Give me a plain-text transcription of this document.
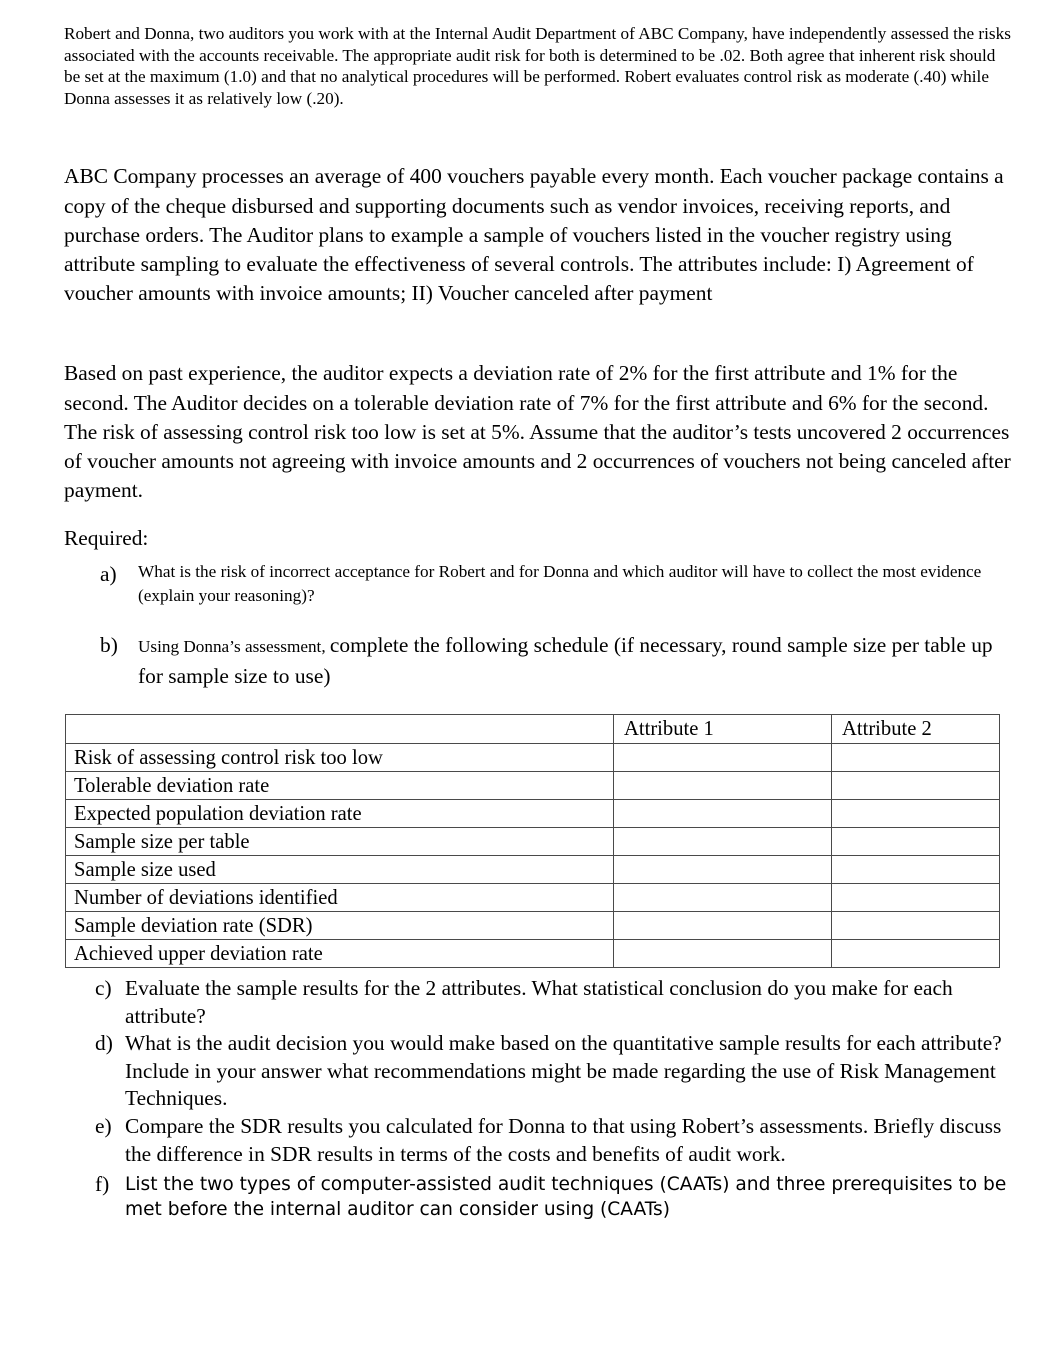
Robert and Donna, two auditors you work with at the Internal Audit Department of ABC Company, have independently assessed the risks associated with the accounts receivable. The appropriate audit risk for both is determined to be .02. Both agree that inherent risk should be set at the maximum (1.0) and that no analytical procedures will be performed. Robert evaluates control risk as moderate (.40) while Donna assesses it as relatively low (.20).

ABC Company processes an average of 400 vouchers payable every month. Each voucher package contains a copy of the cheque disbursed and supporting documents such as vendor invoices, receiving reports, and purchase orders. The Auditor plans to example a sample of vouchers listed in the voucher registry using attribute sampling to evaluate the effectiveness of several controls. The attributes include: I) Agreement of voucher amounts with invoice amounts; II) Voucher canceled after payment

Based on past experience, the auditor expects a deviation rate of 2% for the first attribute and 1% for the second. The Auditor decides on a tolerable deviation rate of 7% for the first attribute and 6% for the second. The risk of assessing control risk too low is set at 5%. Assume that the auditor’s tests uncovered 2 occurrences of voucher amounts not agreeing with invoice amounts and 2 occurrences of vouchers not being canceled after payment.

Required:

a)	What is the risk of incorrect acceptance for Robert and for Donna and which auditor will have to collect the most evidence (explain your reasoning)?
b)	Using Donna’s assessment, complete the following schedule (if necessary, round sample size per table up for sample size to use)
	Attribute 1	Attribute 2
Risk of assessing control risk too low		
Tolerable deviation rate		
Expected population deviation rate		
Sample size per table		
Sample size used		
Number of deviations identified		
Sample deviation rate (SDR)		
Achieved upper deviation rate		

c) Evaluate the sample results for the 2 attributes. What statistical conclusion do you make for each attribute?

d) What is the audit decision you would make based on the quantitative sample results for each attribute? Include in your answer what recommendations might be made regarding the use of Risk Management Techniques.

e) Compare the SDR results you calculated for Donna to that using Robert’s assessments. Briefly discuss the difference in SDR results in terms of the costs and benefits of audit work.

f) List the two types of computer-assisted audit techniques (CAATs) and three prerequisites to be met before the internal auditor can consider using (CAATs)
